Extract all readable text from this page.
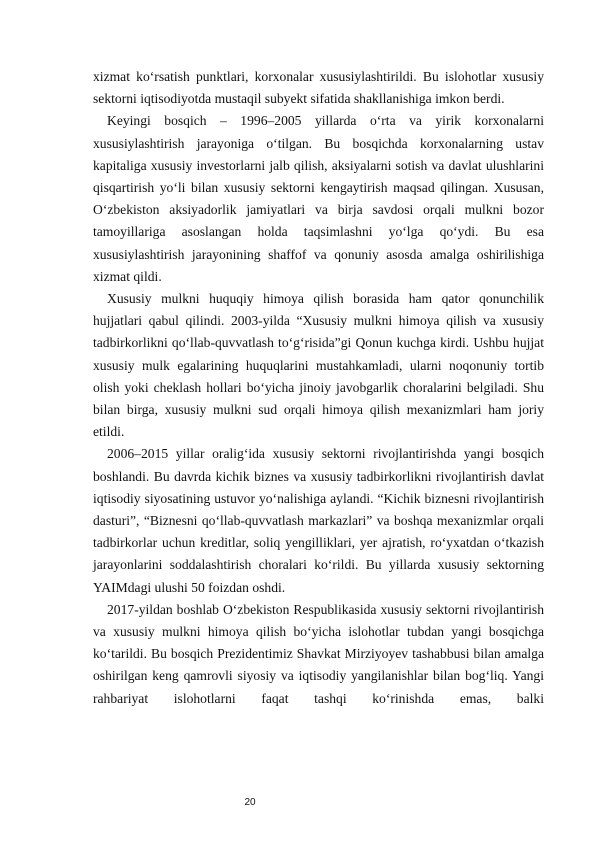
xizmat ko‘rsatish punktlari, korxonalar xususiylashtirildi. Bu islohotlar xususiy sektorni iqtisodiyotda mustaqil subyekt sifatida shakllanishiga imkon berdi.

Keyingi bosqich – 1996–2005 yillarda o‘rta va yirik korxonalarni xususiylashtirish jarayoniga o‘tilgan. Bu bosqichda korxonalarning ustav kapitaliga xususiy investorlarni jalb qilish, aksiyalarni sotish va davlat ulushlarini qisqartirish yo‘li bilan xususiy sektorni kengaytirish maqsad qilingan. Xususan, O‘zbekiston aksiyadorlik jamiyatlari va birja savdosi orqali mulkni bozor tamoyillariga asoslangan holda taqsimlashni yo‘lga qo‘ydi. Bu esa xususiylashtirish jarayonining shaffof va qonuniy asosda amalga oshirilishiga xizmat qildi.

Xususiy mulkni huquqiy himoya qilish borasida ham qator qonunchilik hujjatlari qabul qilindi. 2003-yilda “Xususiy mulkni himoya qilish va xususiy tadbirkorlikni qo‘llab-quvvatlash to‘g‘risida”gi Qonun kuchga kirdi. Ushbu hujjat xususiy mulk egalarining huquqlarini mustahkamladi, ularni noqonuniy tortib olish yoki cheklash hollari bo‘yicha jinoiy javobgarlik choralarini belgiladi. Shu bilan birga, xususiy mulkni sud orqali himoya qilish mexanizmlari ham joriy etildi.

2006–2015 yillar oralig‘ida xususiy sektorni rivojlantirishda yangi bosqich boshlandi. Bu davrda kichik biznes va xususiy tadbirkorlikni rivojlantirish davlat iqtisodiy siyosatining ustuvor yo‘nalishiga aylandi. “Kichik biznesni rivojlantirish dasturi”, “Biznesni qo‘llab-quvvatlash markazlari” va boshqa mexanizmlar orqali tadbirkorlar uchun kreditlar, soliq yengilliklari, yer ajratish, ro‘yxatdan o‘tkazish jarayonlarini soddalashtirish choralari ko‘rildi. Bu yillarda xususiy sektorning YAIMdagi ulushi 50 foizdan oshdi.

2017-yildan boshlab O‘zbekiston Respublikasida xususiy sektorni rivojlantirish va xususiy mulkni himoya qilish bo‘yicha islohotlar tubdan yangi bosqichga ko‘tarildi. Bu bosqich Prezidentimiz Shavkat Mirziyoyev tashabbusi bilan amalga oshirilgan keng qamrovli siyosiy va iqtisodiy yangilanishlar bilan bog‘liq. Yangi rahbariyat islohotlarni faqat tashqi ko‘rinishda emas, balki

20
